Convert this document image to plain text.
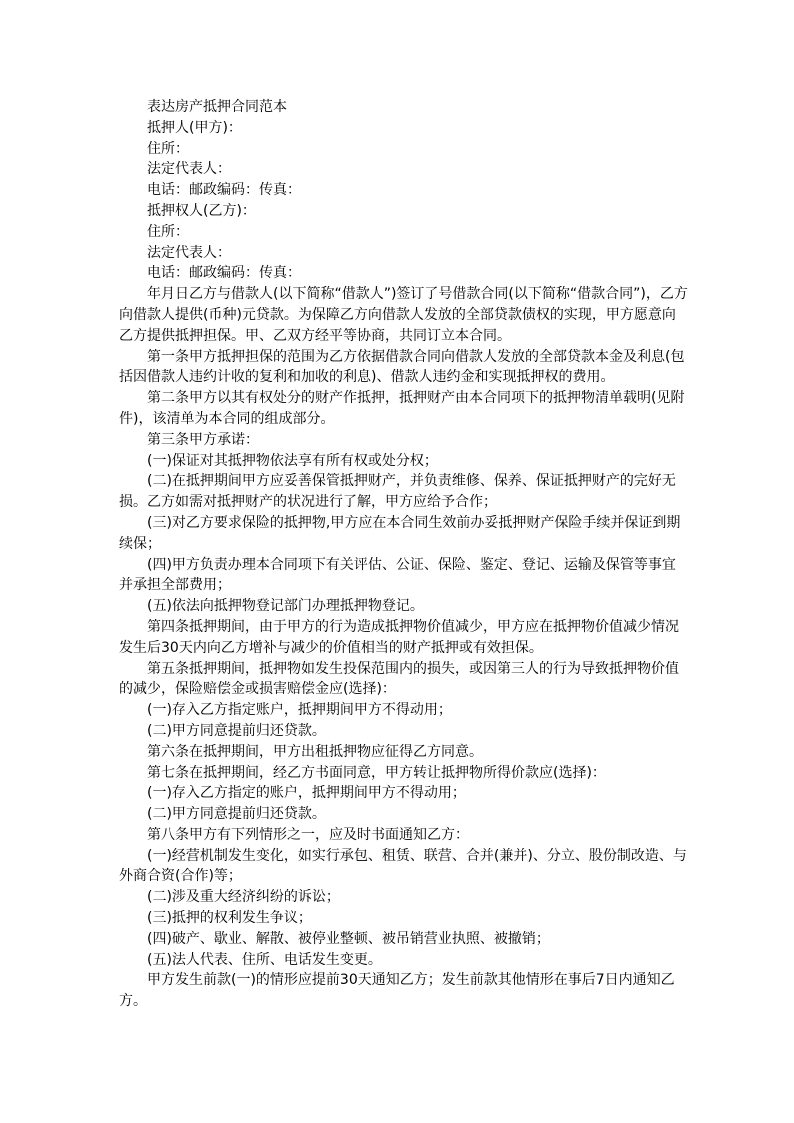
表达房产抵押合同范本

抵押人(甲方)：

住所：

法定代表人：

电话：邮政编码：传真：

抵押权人(乙方)：

住所：

法定代表人：

电话：邮政编码：传真：

年月日乙方与借款人(以下简称“借款人”)签订了号借款合同(以下简称“借款合同”)，乙方向借款人提供(币种)元贷款。为保障乙方向借款人发放的全部贷款债权的实现，甲方愿意向乙方提供抵押担保。甲、乙双方经平等协商，共同订立本合同。

第一条甲方抵押担保的范围为乙方依据借款合同向借款人发放的全部贷款本金及利息(包括因借款人违约计收的复利和加收的利息)、借款人违约金和实现抵押权的费用。

第二条甲方以其有权处分的财产作抵押，抵押财产由本合同项下的抵押物清单载明(见附件)，该清单为本合同的组成部分。

第三条甲方承诺：

(一)保证对其抵押物依法享有所有权或处分权；

(二)在抵押期间甲方应妥善保管抵押财产，并负责维修、保养、保证抵押财产的完好无损。乙方如需对抵押财产的状况进行了解，甲方应给予合作；

(三)对乙方要求保险的抵押物,甲方应在本合同生效前办妥抵押财产保险手续并保证到期续保；

(四)甲方负责办理本合同项下有关评估、公证、保险、鉴定、登记、运输及保管等事宜并承担全部费用；

(五)依法向抵押物登记部门办理抵押物登记。

第四条抵押期间，由于甲方的行为造成抵押物价值减少，甲方应在抵押物价值减少情况发生后30天内向乙方增补与减少的价值相当的财产抵押或有效担保。

第五条抵押期间，抵押物如发生投保范围内的损失，或因第三人的行为导致抵押物价值的减少，保险赔偿金或损害赔偿金应(选择)：

(一)存入乙方指定账户，抵押期间甲方不得动用；

(二)甲方同意提前归还贷款。

第六条在抵押期间，甲方出租抵押物应征得乙方同意。

第七条在抵押期间，经乙方书面同意，甲方转让抵押物所得价款应(选择)：

(一)存入乙方指定的账户，抵押期间甲方不得动用；

(二)甲方同意提前归还贷款。

第八条甲方有下列情形之一，应及时书面通知乙方：

(一)经营机制发生变化，如实行承包、租赁、联营、合并(兼并)、分立、股份制改造、与外商合资(合作)等；

(二)涉及重大经济纠纷的诉讼；

(三)抵押的权利发生争议；

(四)破产、歇业、解散、被停业整顿、被吊销营业执照、被撤销；

(五)法人代表、住所、电话发生变更。

甲方发生前款(一)的情形应提前30天通知乙方；发生前款其他情形在事后7日内通知乙方。
